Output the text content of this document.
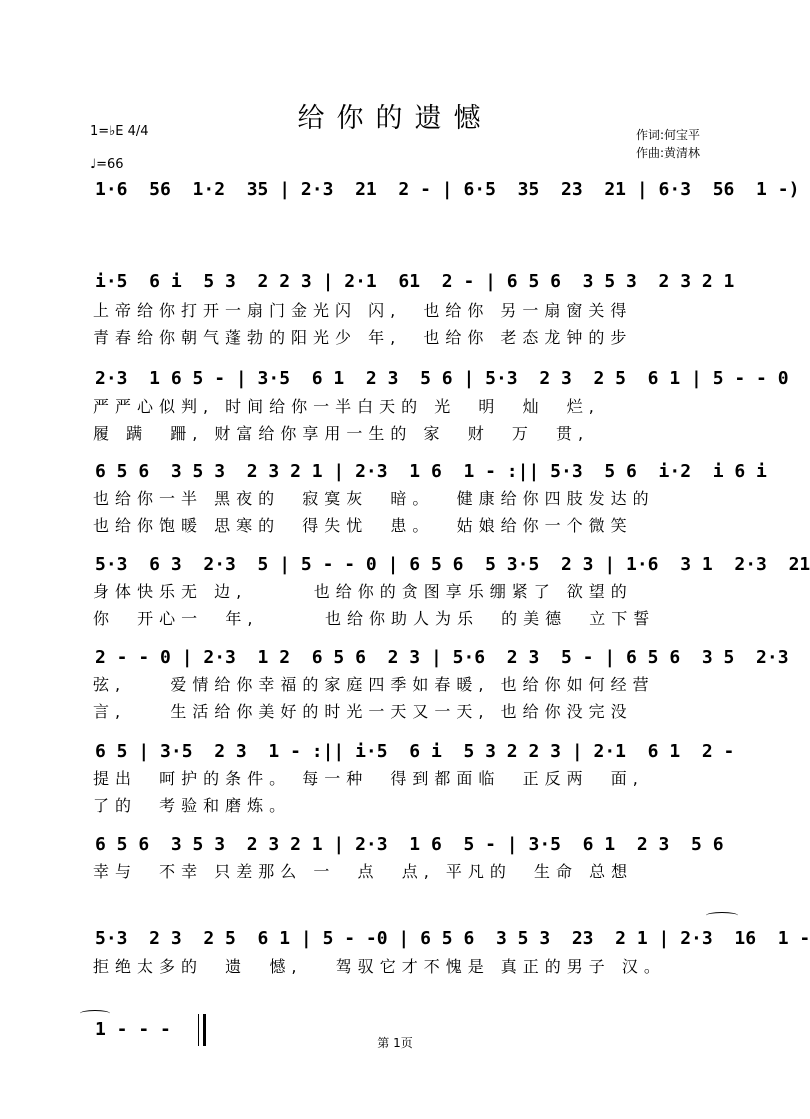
给你的遗憾
1=♭E 4/4
♩=66
作词:何宝平
作曲:黄清林
1·6  56  1·2  35 | 2·3  21  2 - | 6·5  35  23  21 | 6·3  56  1 -)
i·5  6 i  5 3  2 2 3 | 2·1  61  2 - | 6 5 6  3 5 3  2 3 2 1
上帝给你打开一扇门金光闪 闪,  也给你 另一扇窗关得
青春给你朝气蓬勃的阳光少 年,  也给你 老态龙钟的步
2·3  1 6 5 - | 3·5  6 1  2 3  5 6 | 5·3  2 3  2 5  6 1 | 5 - - 0
严严心似判, 时间给你一半白天的 光  明  灿  烂,
履 蹒  跚, 财富给你享用一生的 家  财  万  贯,
6 5 6  3 5 3  2 3 2 1 | 2·3  1 6  1 - :|| 5·3  5 6  i·2  i 6 i
也给你一半 黑夜的  寂寞灰  暗。  健康给你四肢发达的
也给你饱暖 思寒的  得失忧  患。  姑娘给你一个微笑
5·3  6 3  2·3  5 | 5 - - 0 | 6 5 6  5 3·5  2 3 | 1·6  3 1  2·3  21
身体快乐无 边,      也给你的贪图享乐绷紧了 欲望的
你  开心一  年,      也给你助人为乐  的美德  立下誓
2 - - 0 | 2·3  1 2  6 5 6  2 3 | 5·6  2 3  5 - | 6 5 6  3 5  2·3
弦,    爱情给你幸福的家庭四季如春暖, 也给你如何经营
言,    生活给你美好的时光一天又一天, 也给你没完没
6 5 | 3·5  2 3  1 - :|| i·5  6 i  5 3 2 2 3 | 2·1  6 1  2 -
提出  呵护的条件。 每一种  得到都面临  正反两  面,
了的  考验和磨炼。
6 5 6  3 5 3  2 3 2 1 | 2·3  1 6  5 - | 3·5  6 1  2 3  5 6
幸与  不幸 只差那么 一  点  点, 平凡的  生命 总想
5·3  2 3  2 5  6 1 | 5 - -0 | 6 5 6  3 5 3  23  2 1 | 2·3  16  1 -
拒绝太多的  遗  憾,   驾驭它才不愧是 真正的男子 汉。
1 - - -
第 1页
